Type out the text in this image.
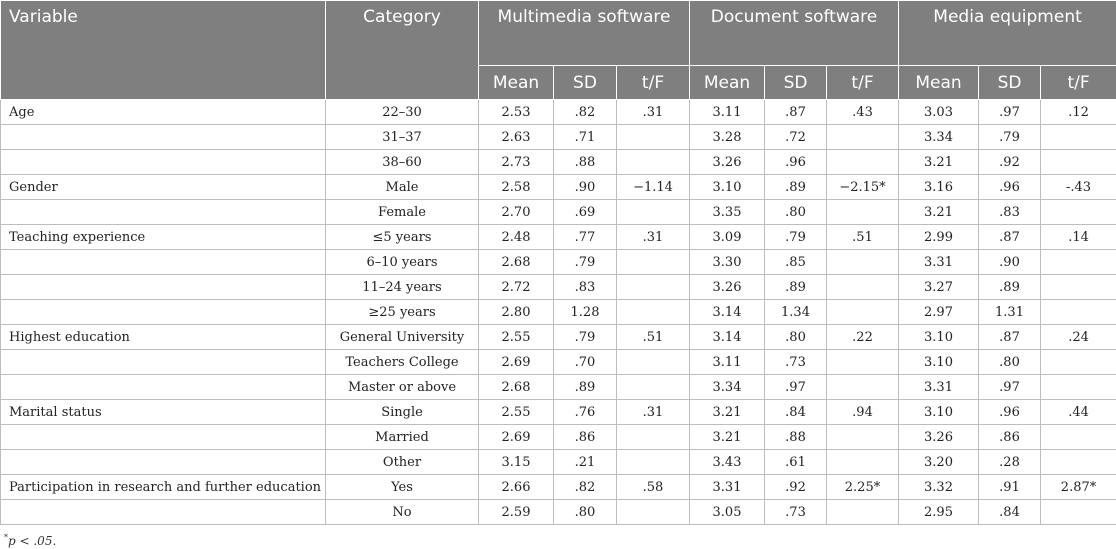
Variable	Category	Multimedia software			Document software			Media equipment		
		Mean	SD	t/F	Mean	SD	t/F	Mean	SD	t/F
Age	22–30	2.53	.82	.31	3.11	.87	.43	3.03	.97	.12
	31–37	2.63	.71		3.28	.72		3.34	.79	
	38–60	2.73	.88		3.26	.96		3.21	.92	
Gender	Male	2.58	.90	−1.14	3.10	.89	−2.15*	3.16	.96	-.43
	Female	2.70	.69		3.35	.80		3.21	.83	
Teaching experience	≤5 years	2.48	.77	.31	3.09	.79	.51	2.99	.87	.14
	6–10 years	2.68	.79		3.30	.85		3.31	.90	
	11–24 years	2.72	.83		3.26	.89		3.27	.89	
	≥25 years	2.80	1.28		3.14	1.34		2.97	1.31	
Highest education	General University	2.55	.79	.51	3.14	.80	.22	3.10	.87	.24
	Teachers College	2.69	.70		3.11	.73		3.10	.80	
	Master or above	2.68	.89		3.34	.97		3.31	.97	
Marital status	Single	2.55	.76	.31	3.21	.84	.94	3.10	.96	.44
	Married	2.69	.86		3.21	.88		3.26	.86	
	Other	3.15	.21		3.43	.61		3.20	.28	
Participation in research and further education	Yes	2.66	.82	.58	3.31	.92	2.25*	3.32	.91	2.87*
	No	2.59	.80		3.05	.73		2.95	.84	
*p < .05.
